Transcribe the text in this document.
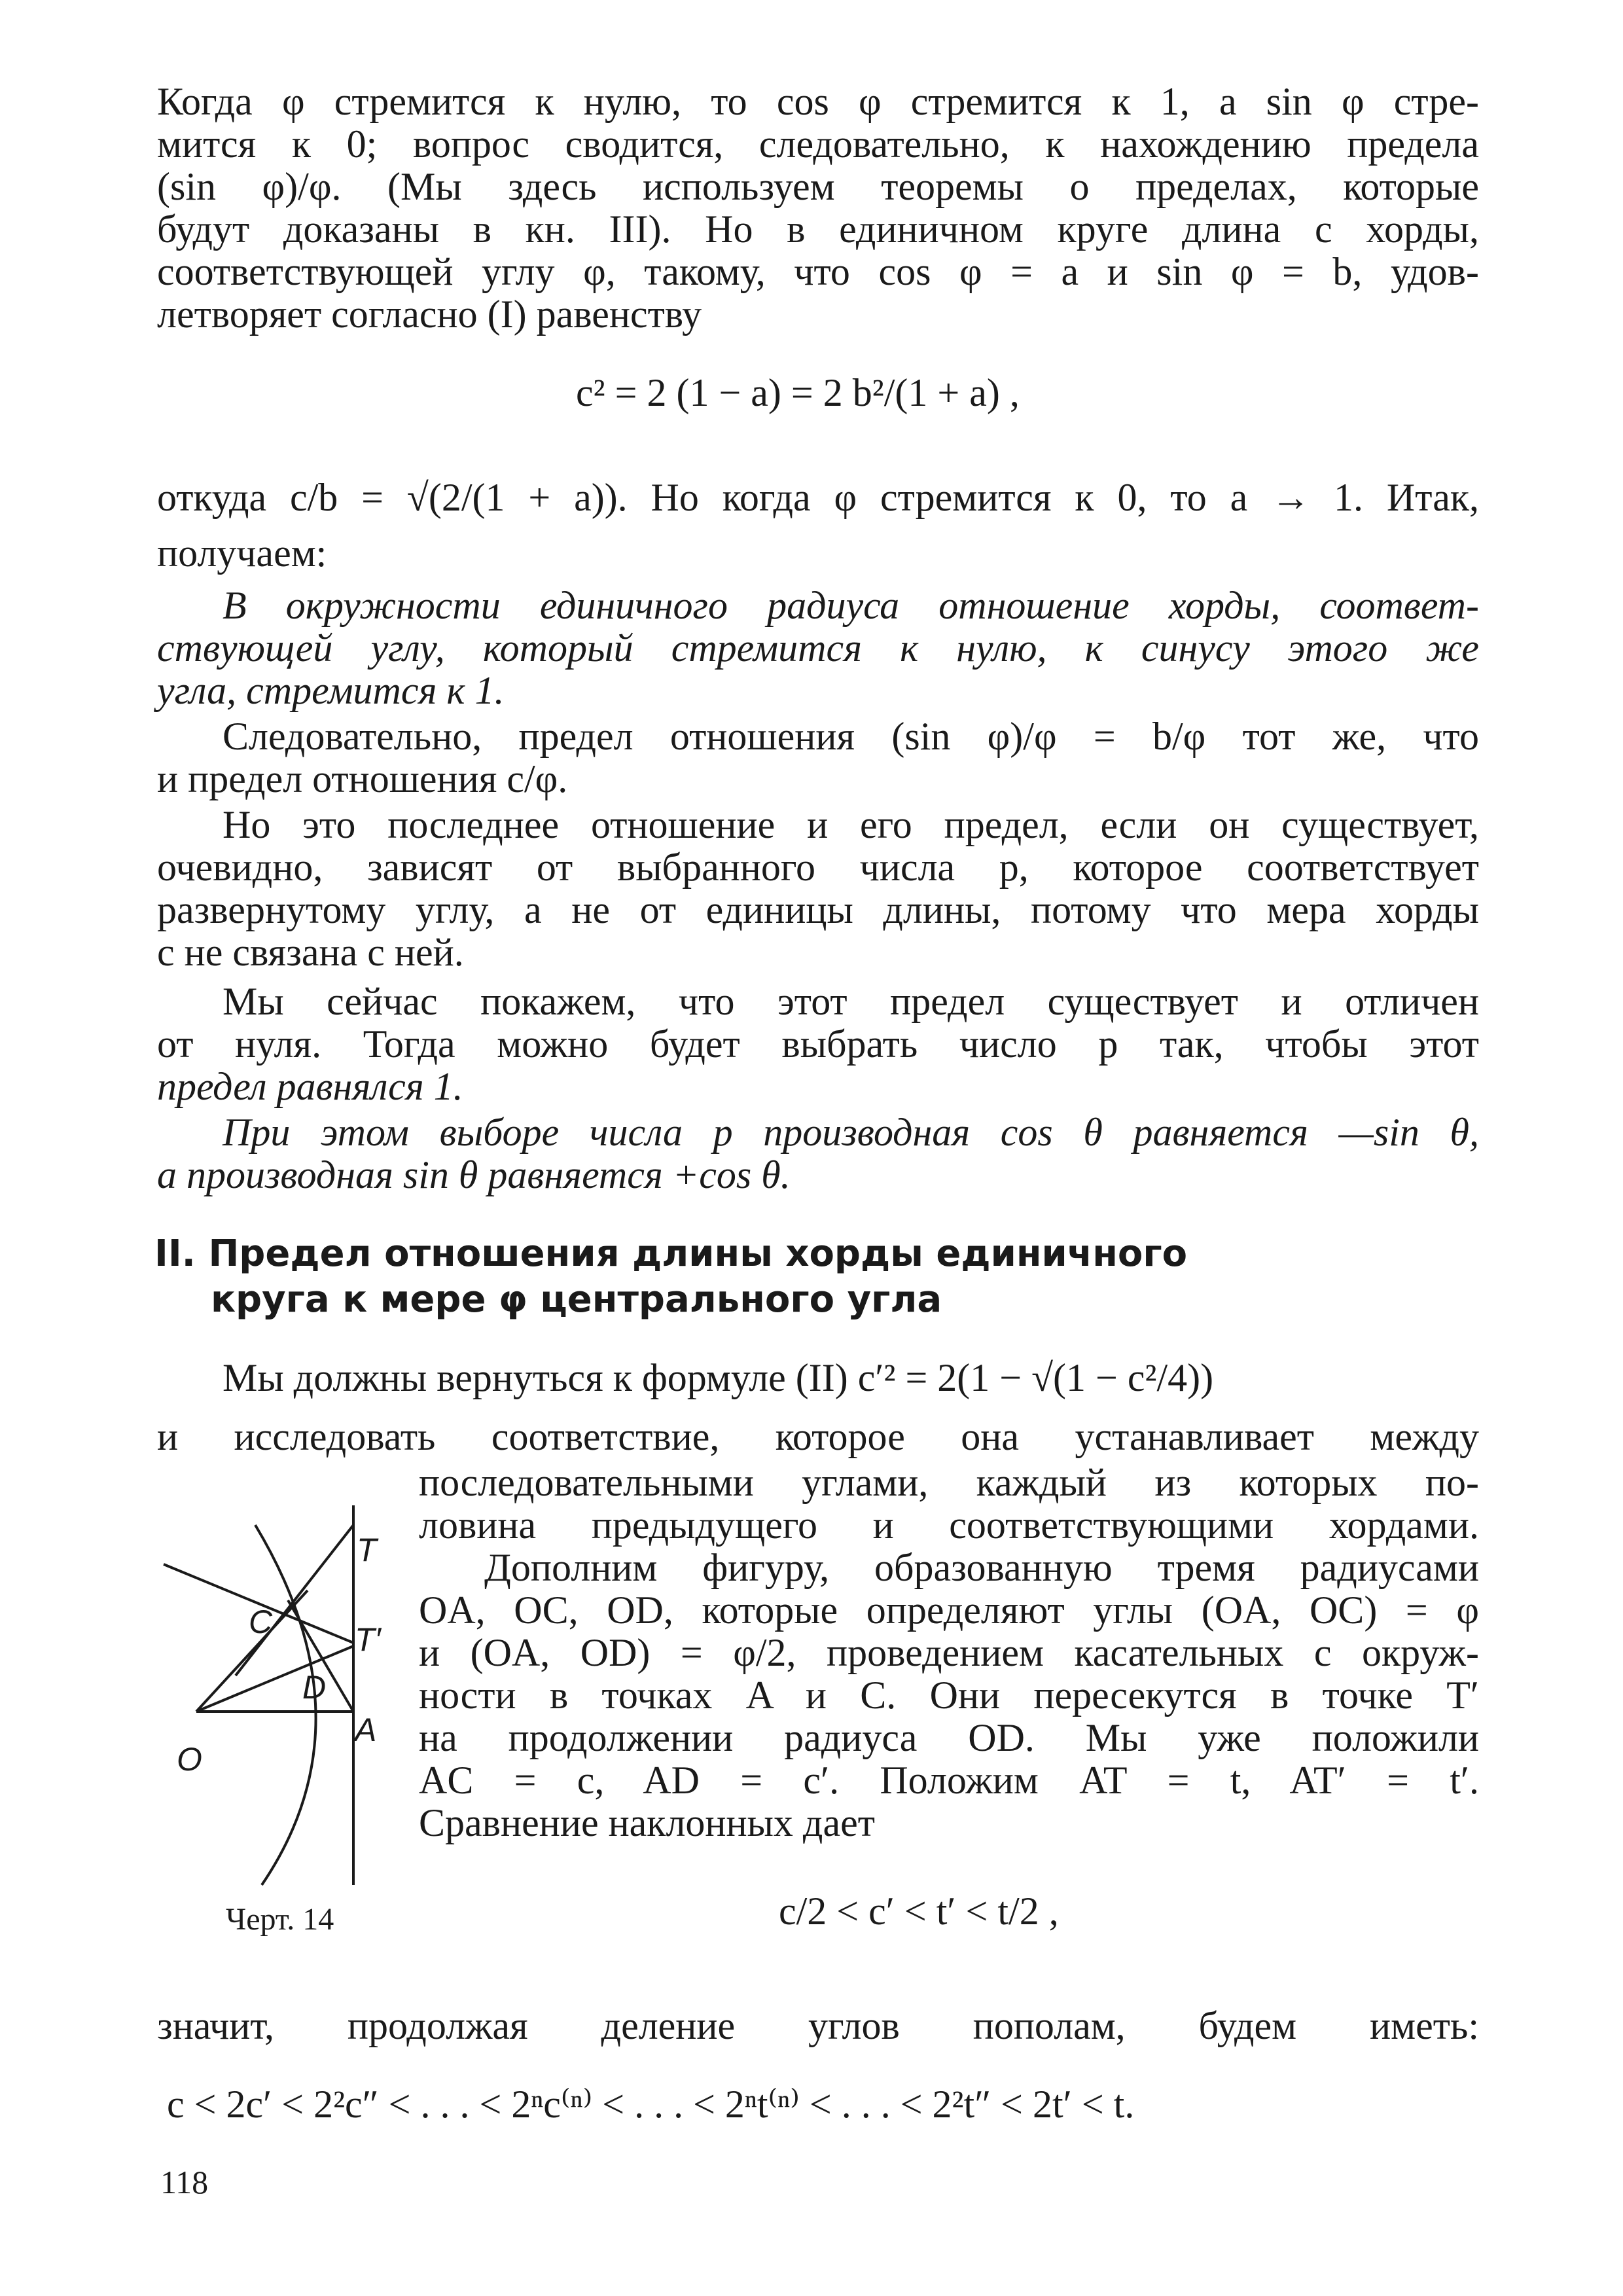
Когда φ стремится к нулю, то cos φ стремится к 1, а sin φ стре-
мится к 0; вопрос сводится, следовательно, к нахождению предела
(sin φ)/φ. (Мы здесь используем теоремы о пределах, которые
будут доказаны в кн. III). Но в единичном круге длина c хорды,
соответствующей углу φ, такому, что cos φ = a и sin φ = b, удов-
летворяет согласно (I) равенству
c² = 2 (1 − a) = 2 b²/(1 + a) ,
откуда c/b = √(2/(1 + a)). Но когда φ стремится к 0, то a → 1. Итак,
получаем:
В окружности единичного радиуса отношение хорды, соответ-
ствующей углу, который стремится к нулю, к синусу этого же
угла, стремится к 1.
Следовательно, предел отношения (sin φ)/φ = b/φ тот же, что
и предел отношения c/φ.
Но это последнее отношение и его предел, если он существует,
очевидно, зависят от выбранного числа p, которое соответствует
развернутому углу, а не от единицы длины, потому что мера хорды
c не связана с ней.
Мы сейчас покажем, что этот предел существует и отличен
от нуля. Тогда можно будет выбрать число p так, чтобы этот
предел равнялся 1.
При этом выборе числа p производная cos θ равняется —sin θ,
а производная sin θ равняется +cos θ.
II. Предел отношения длины хорды единичного
круга к мере φ центрального угла
Мы должны вернуться к формуле (II) c′² = 2(1 − √(1 − c²/4))
и исследовать соответствие, которое она устанавливает между
последовательными углами, каждый из которых по-
ловина предыдущего и соответствующими хордами.
Дополним фигуру, образованную тремя радиусами
OA, OC, OD, которые определяют углы (OA, OC) = φ
и (OA, OD) = φ/2, проведением касательных с окруж-
ности в точках A и C. Они пересекутся в точке T′
на продолжении радиуса OD. Мы уже положили
AC = c, AD = c′. Положим AT = t, AT′ = t′.
Сравнение наклонных дает
T
C	T′
D
A
O
Черт. 14	c/2 < c′ < t′ < t/2 ,
значит, продолжая деление углов пополам, будем иметь:
c < 2c′ < 2²c″ < . . . < 2ⁿc⁽ⁿ⁾ < . . . < 2ⁿt⁽ⁿ⁾ < . . . < 2²t″ < 2t′ < t.
118
